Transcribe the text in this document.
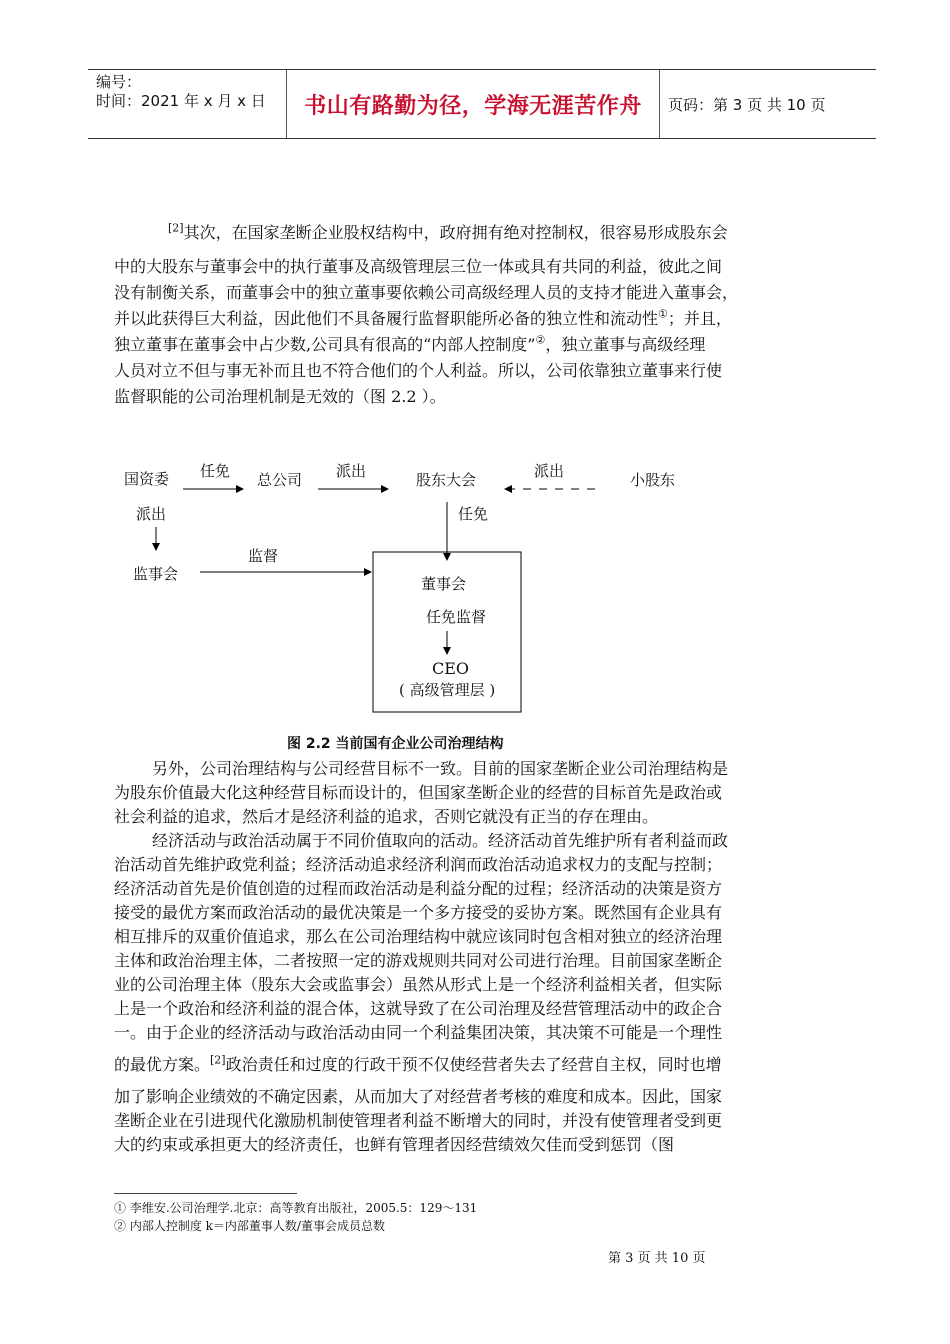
编号：
时间：2021 年 x 月 x 日 书山有路勤为径，学海无涯苦作舟 页码：第 3 页 共 10 页
[2]其次，在国家垄断企业股权结构中，政府拥有绝对控制权，很容易形成股东会
中的大股东与董事会中的执行董事及高级管理层三位一体或具有共同的利益，彼此之间
没有制衡关系，而董事会中的独立董事要依赖公司高级经理人员的支持才能进入董事会，
并以此获得巨大利益，因此他们不具备履行监督职能所必备的独立性和流动性①；并且，
独立董事在董事会中占少数,公司具有很高的“内部人控制度”②，独立董事与高级经理
人员对立不但与事无补而且也不符合他们的个人利益。所以，公司依靠独立董事来行使
监督职能的公司治理机制是无效的（图 2.2 ）。
国资委 任免 总公司 派出	股东大会	派出	小股东
派出	任免
监事会
监督
董事会
任免监督
CEO
( 高级管理层 )
图 2.2 当前国有企业公司治理结构
另外，公司治理结构与公司经营目标不一致。目前的国家垄断企业公司治理结构是
为股东价值最大化这种经营目标而设计的，但国家垄断企业的经营的目标首先是政治或
社会利益的追求，然后才是经济利益的追求，否则它就没有正当的存在理由。
经济活动与政治活动属于不同价值取向的活动。经济活动首先维护所有者利益而政
治活动首先维护政党利益；经济活动追求经济利润而政治活动追求权力的支配与控制；
经济活动首先是价值创造的过程而政治活动是利益分配的过程；经济活动的决策是资方
接受的最优方案而政治活动的最优决策是一个多方接受的妥协方案。既然国有企业具有
相互排斥的双重价值追求，那么在公司治理结构中就应该同时包含相对独立的经济治理
主体和政治治理主体，二者按照一定的游戏规则共同对公司进行治理。目前国家垄断企
业的公司治理主体（股东大会或监事会）虽然从形式上是一个经济利益相关者，但实际
上是一个政治和经济利益的混合体，这就导致了在公司治理及经营管理活动中的政企合
一。由于企业的经济活动与政治活动由同一个利益集团决策，其决策不可能是一个理性
的最优方案。[2]政治责任和过度的行政干预不仅使经营者失去了经营自主权，同时也增
加了影响企业绩效的不确定因素，从而加大了对经营者考核的难度和成本。因此，国家
垄断企业在引进现代化激励机制使管理者利益不断增大的同时，并没有使管理者受到更
大的约束或承担更大的经济责任，也鲜有管理者因经营绩效欠佳而受到惩罚（图
① 李维安.公司治理学.北京：高等教育出版社，2005.5：129～131
② 内部人控制度 k＝内部董事人数/董事会成员总数
第 3 页 共 10 页
